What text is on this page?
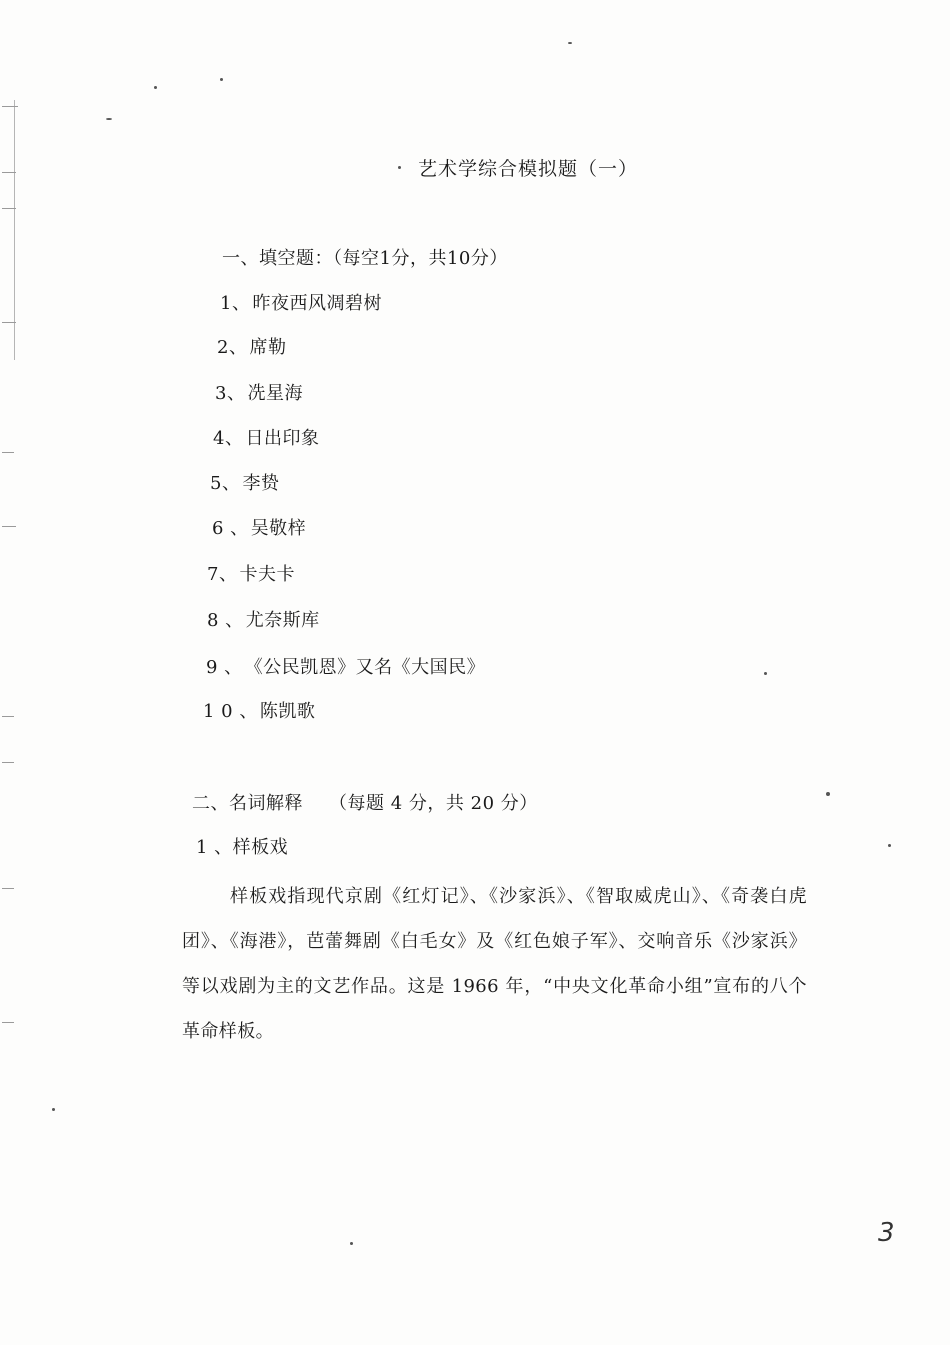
艺术学综合模拟题（一）
一、填空题：（每空1分，共10分）
1、 昨夜西风凋碧树
2、 席勒
3、 冼星海
4、 日出印象
5、 李贽
6 、 吴敬梓
7、 卡夫卡
8 、 尤奈斯库
9 、 《公民凯恩》又名《大国民》
1 0 、 陈凯歌
二、名词解释 （每题 4 分，共 20 分）
1 、样板戏
样板戏指现代京剧《红灯记》、《沙家浜》、《智取威虎山》、《奇袭白虎团》、《海港》，芭蕾舞剧《白毛女》及《红色娘子军》、交响音乐《沙家浜》等以戏剧为主的文艺作品。这是 1966 年，“中央文化革命小组”宣布的八个革命样板。
3
